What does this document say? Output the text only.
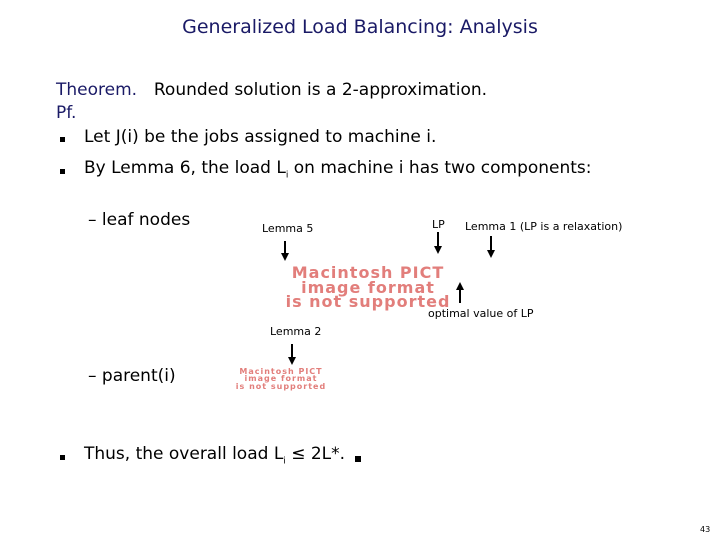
Generalized Load Balancing: Analysis
Theorem. Rounded solution is a 2-approximation.
Pf.
Let J(i) be the jobs assigned to machine i.
By Lemma 6, the load $L_i$ on machine i has two components:
– leaf nodes	Lemma 5	LP Lemma 1 (LP is a relaxation)
Macintosh PICT
image format
is not supported
optimal value of LP
Lemma 2
Macintosh PICT
image format
is not supported
– parent(i)
Thus, the overall load $L_i \le 2L*$.
43
